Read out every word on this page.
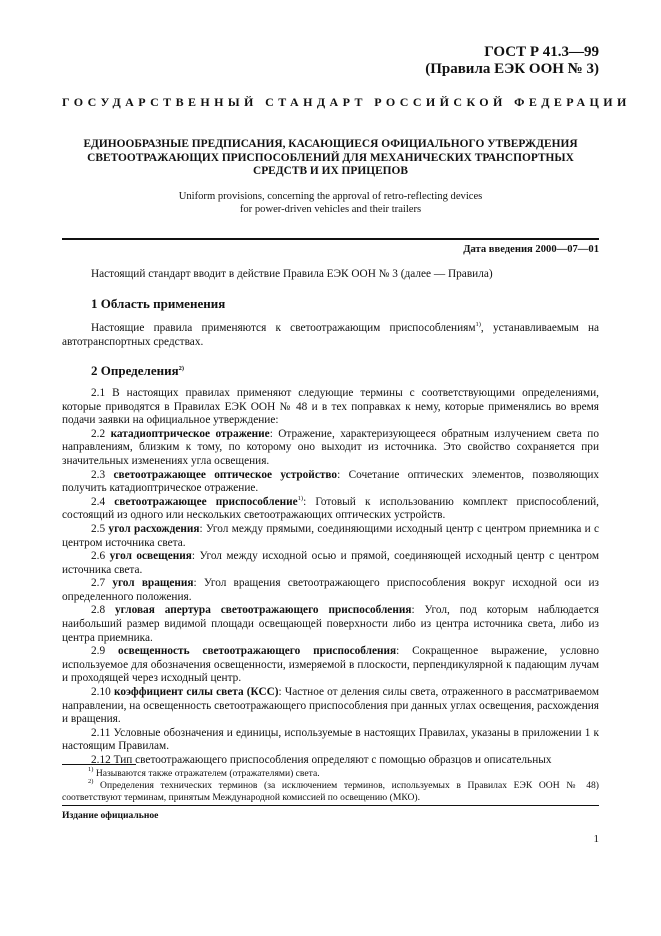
ГОСТ Р 41.3—99
(Правила ЕЭК ООН № 3)
ГОСУДАРСТВЕННЫЙ СТАНДАРТ РОССИЙСКОЙ ФЕДЕРАЦИИ
ЕДИНООБРАЗНЫЕ ПРЕДПИСАНИЯ, КАСАЮЩИЕСЯ ОФИЦИАЛЬНОГО УТВЕРЖДЕНИЯ
СВЕТООТРАЖАЮЩИХ ПРИСПОСОБЛЕНИЙ ДЛЯ МЕХАНИЧЕСКИХ ТРАНСПОРТНЫХ
СРЕДСТВ И ИХ ПРИЦЕПОВ
Uniform provisions, concerning the approval of retro-reflecting devices
for power-driven vehicles and their trailers
Дата введения 2000—07—01

Настоящий стандарт вводит в действие Правила ЕЭК ООН № 3 (далее — Правила)

1 Область применения

Настоящие правила применяются к светоотражающим приспособлениям$^{1)}$, устанавливаемым на автотранспортных средствах.

2 Определения$^{2)}$

2.1 В настоящих правилах применяют следующие термины с соответствующими определениями, которые приводятся в Правилах ЕЭК ООН № 48 и в тех поправках к нему, которые применялись во время подачи заявки на официальное утверждение:

2.2 катадиоптрическое отражение: Отражение, характеризующееся обратным излучением света по направлениям, близким к тому, по которому оно выходит из источника. Это свойство сохраняется при значительных изменениях угла освещения.

2.3 светоотражающее оптическое устройство: Сочетание оптических элементов, позволяющих получить катадиоптрическое отражение.

2.4 светоотражающее приспособление$^{1)}$: Готовый к использованию комплект приспособлений, состоящий из одного или нескольких светоотражающих оптических устройств.

2.5 угол расхождения: Угол между прямыми, соединяющими исходный центр с центром приемника и с центром источника света.

2.6 угол освещения: Угол между исходной осью и прямой, соединяющей исходный центр с центром источника света.

2.7 угол вращения: Угол вращения светоотражающего приспособления вокруг исходной оси из определенного положения.

2.8 угловая апертура светоотражающего приспособления: Угол, под которым наблюдается наибольший размер видимой площади освещающей поверхности либо из центра источника света, либо из центра приемника.

2.9 освещенность светоотражающего приспособления: Сокращенное выражение, условно используемое для обозначения освещенности, измеряемой в плоскости, перпендикулярной к падающим лучам и проходящей через исходный центр.

2.10 коэффициент силы света (КСС): Частное от деления силы света, отраженного в рассматриваемом направлении, на освещенность светоотражающего приспособления при данных углах освещения, расхождения и вращения.

2.11 Условные обозначения и единицы, используемые в настоящих Правилах, указаны в приложении 1 к настоящим Правилам.

2.12 Тип светоотражающего приспособления определяют с помощью образцов и описательных

$^{1)}$ Называются также отражателем (отражателями) света.

$^{2)}$ Определения технических терминов (за исключением терминов, используемых в Правилах ЕЭК ООН № 48) соответствуют терминам, принятым Международной комиссией по освещению (МКО).

Издание официальное
1
